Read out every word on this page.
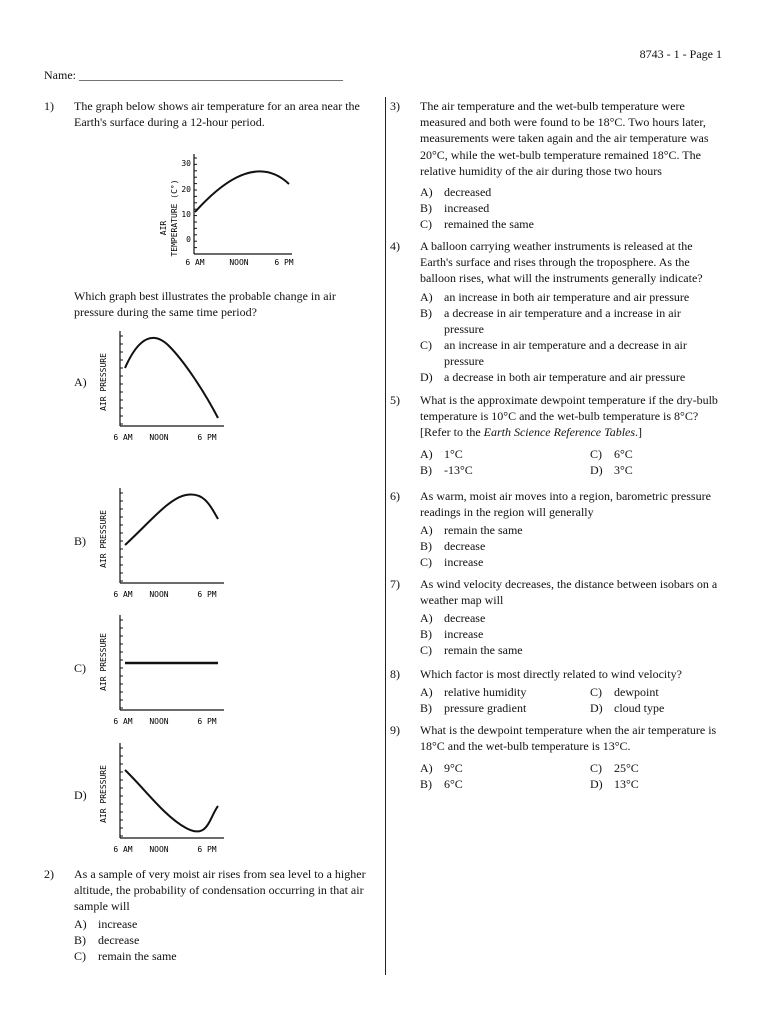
8743 - 1 - Page 1
Name: ____________________________________________
1) The graph below shows air temperature for an area near the Earth's surface during a 12-hour period.
AIR TEMPERATURE (C°)
30
20
10
0
6 AM	NOON	6 PM
Which graph best illustrates the probable change in air pressure during the same time period?
A) AIR PRESSURE
6 AM NOON	6 PM
B) AIR PRESSURE
6 AM NOON	6 PM
C) AIR PRESSURE
6 AM NOON	6 PM
D) AIR PRESSURE
6 AM NOON	6 PM
2) As a sample of very moist air rises from sea level to a higher altitude, the probability of condensation occurring in that air sample will
A) increase
B)	decrease
C)	remain the same
3) The air temperature and the wet-bulb temperature were measured and both were found to be 18°C. Two hours later, measurements were taken again and the air temperature was 20°C, while the wet-bulb temperature remained 18°C. The relative humidity of the air during those two hours
A) decreased
B)	increased
C)	remained the same
4) A balloon carrying weather instruments is released at the Earth's surface and rises through the troposphere. As the balloon rises, what will the instruments generally indicate?
A) an increase in both air temperature and air pressure
B)	a decrease in air temperature and a increase in air pressure
C)	an increase in air temperature and a decrease in air pressure
D) a decrease in both air temperature and air pressure
5) What is the approximate dewpoint temperature if the dry-bulb temperature is 10°C and the wet-bulb temperature is 8°C? [Refer to the Earth Science Reference Tables.]
A) 1°C	C)	6°C
B)	-13°C	D) 3°C
6) As warm, moist air moves into a region, barometric pressure readings in the region will generally
A) remain the same
B)	decrease
C)	increase
7) As wind velocity decreases, the distance between isobars on a weather map will
A) decrease
B)	increase
C)	remain the same
8) Which factor is most directly related to wind velocity?
A) relative humidity	C)	dewpoint
B)	pressure gradient	D) cloud type
9) What is the dewpoint temperature when the air temperature is 18°C and the wet-bulb temperature is 13°C.
A) 9°C	C)	25°C
B)	6°C	D) 13°C
